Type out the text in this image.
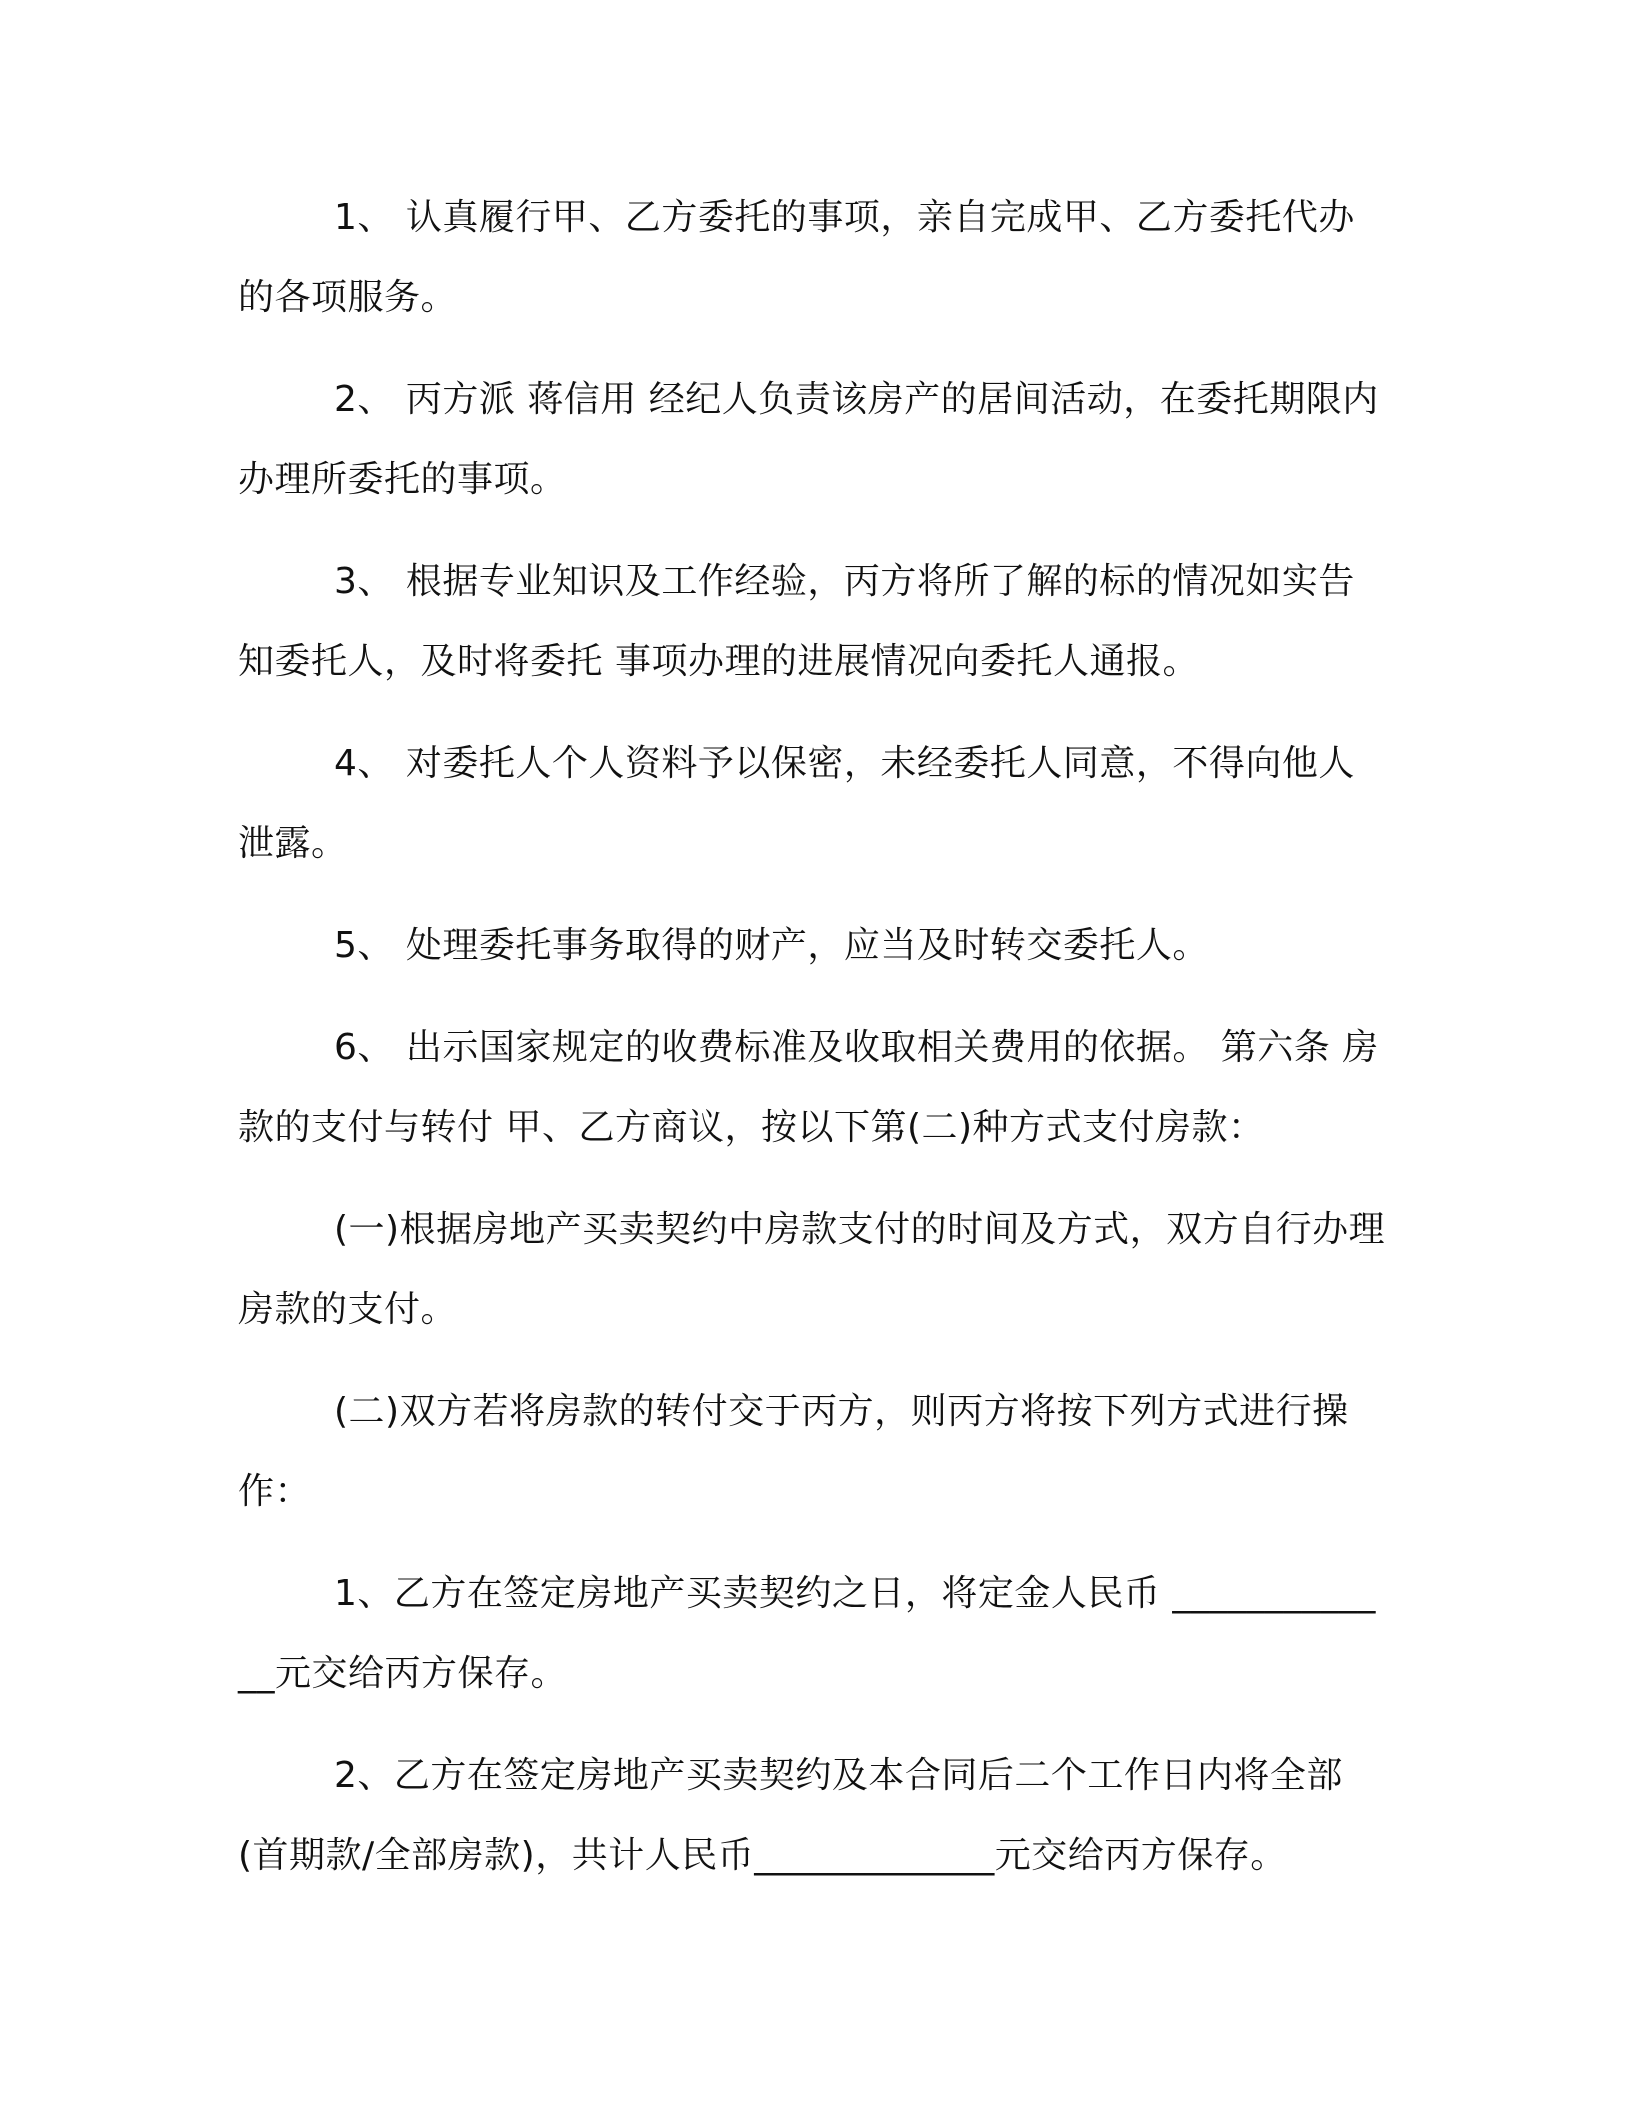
1、 认真履行甲、乙方委托的事项，亲自完成甲、乙方委托代办的各项服务。

2、 丙方派 蒋信用 经纪人负责该房产的居间活动，在委托期限内办理所委托的事项。

3、 根据专业知识及工作经验，丙方将所了解的标的情况如实告知委托人，及时将委托 事项办理的进展情况向委托人通报。

4、 对委托人个人资料予以保密，未经委托人同意，不得向他人泄露。

5、 处理委托事务取得的财产，应当及时转交委托人。

6、 出示国家规定的收费标准及收取相关费用的依据。 第六条 房款的支付与转付 甲、乙方商议，按以下第(二)种方式支付房款：

(一)根据房地产买卖契约中房款支付的时间及方式，双方自行办理房款的支付。

(二)双方若将房款的转付交于丙方，则丙方将按下列方式进行操作：

1、乙方在签定房地产买卖契约之日，将定金人民币 _____________元交给丙方保存。

2、乙方在签定房地产买卖契约及本合同后二个工作日内将全部(首期款/全部房款)，共计人民币_____________元交给丙方保存。
